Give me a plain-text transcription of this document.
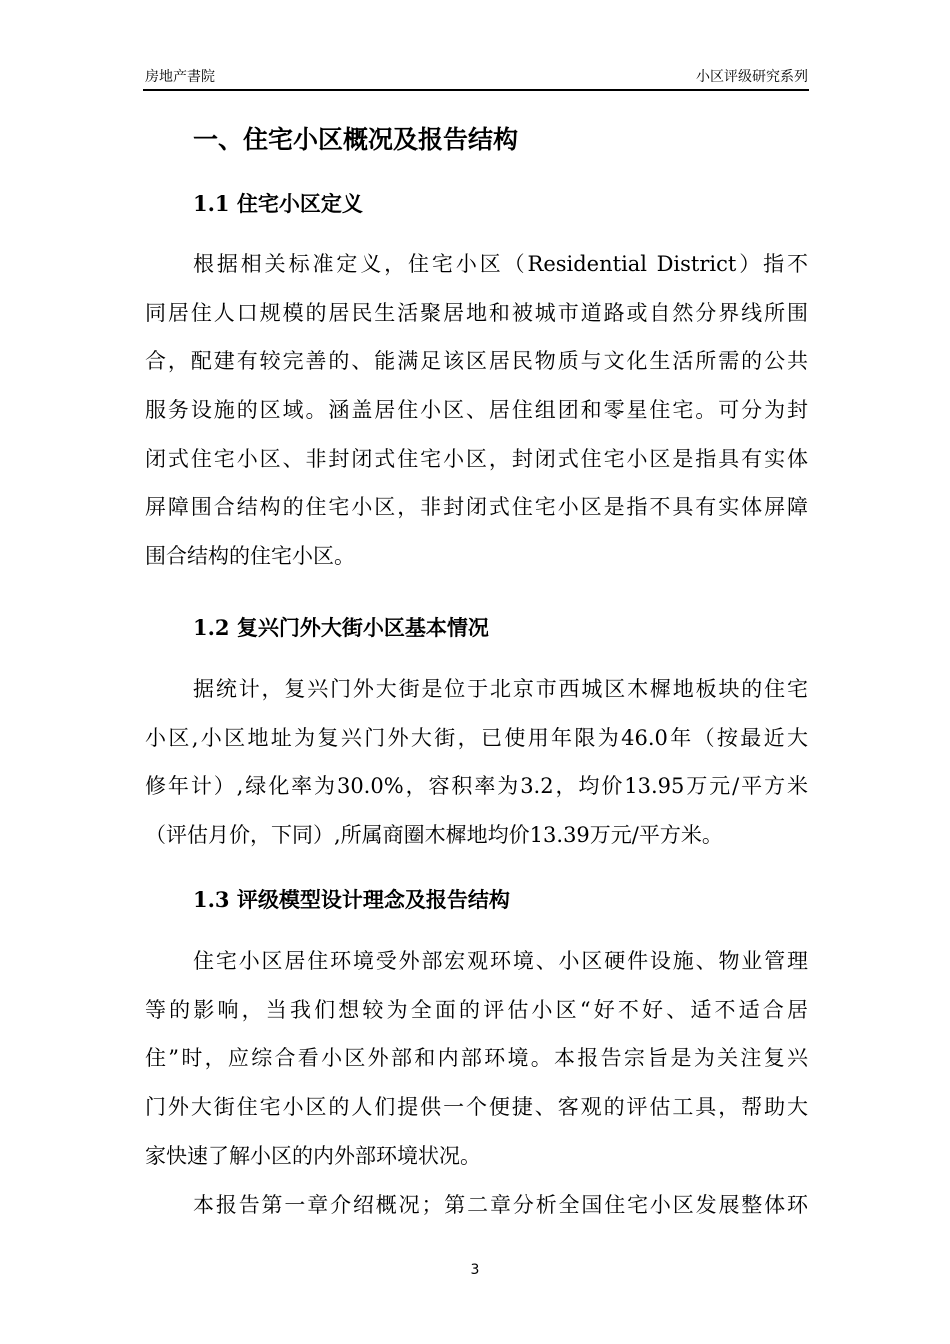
房地产書院	小区评级研究系列
一、住宅小区概况及报告结构
1.1 住宅小区定义
根据相关标准定义，住宅小区（Residential District）指不
同居住人口规模的居民生活聚居地和被城市道路或自然分界线所围
合，配建有较完善的、能满足该区居民物质与文化生活所需的公共
服务设施的区域。涵盖居住小区、居住组团和零星住宅。可分为封
闭式住宅小区、非封闭式住宅小区，封闭式住宅小区是指具有实体
屏障围合结构的住宅小区，非封闭式住宅小区是指不具有实体屏障
围合结构的住宅小区。
1.2 复兴门外大街小区基本情况
据统计，复兴门外大街是位于北京市西城区木樨地板块的住宅
小区,小区地址为复兴门外大街，已使用年限为46.0年（按最近大
修年计）,绿化率为30.0%，容积率为3.2，均价13.95万元/平方米
（评估月价，下同）,所属商圈木樨地均价13.39万元/平方米。
1.3 评级模型设计理念及报告结构
住宅小区居住环境受外部宏观环境、小区硬件设施、物业管理
等的影响，当我们想较为全面的评估小区“好不好、适不适合居
住”时，应综合看小区外部和内部环境。本报告宗旨是为关注复兴
门外大街住宅小区的人们提供一个便捷、客观的评估工具，帮助大
家快速了解小区的内外部环境状况。
本报告第一章介绍概况；第二章分析全国住宅小区发展整体环
3
